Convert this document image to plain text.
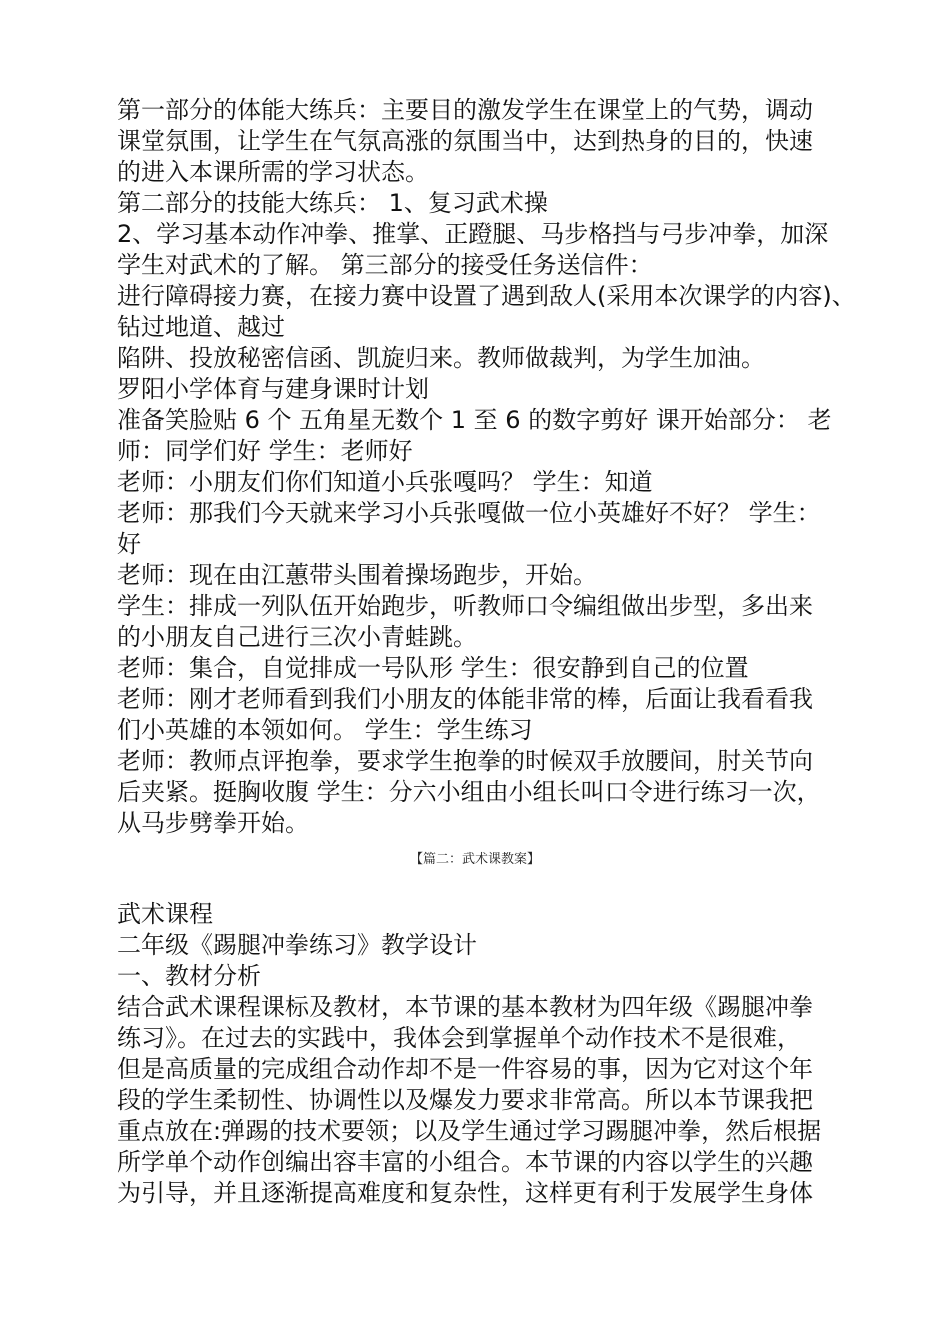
第一部分的体能大练兵：主要目的激发学生在课堂上的气势，调动
课堂氛围，让学生在气氛高涨的氛围当中，达到热身的目的，快速
的进入本课所需的学习状态。
第二部分的技能大练兵： 1、复习武术操
2、学习基本动作冲拳、推掌、正蹬腿、马步格挡与弓步冲拳，加深
学生对武术的了解。 第三部分的接受任务送信件：
进行障碍接力赛，在接力赛中设置了遇到敌人(采用本次课学的内容)、
钻过地道、越过
陷阱、投放秘密信函、凯旋归来。教师做裁判，为学生加油。
罗阳小学体育与建身课时计划
准备笑脸贴 6 个 五角星无数个 1 至 6 的数字剪好 课开始部分： 老
师：同学们好 学生：老师好
老师：小朋友们你们知道小兵张嘎吗？ 学生：知道
老师：那我们今天就来学习小兵张嘎做一位小英雄好不好？ 学生：
好
老师：现在由江蕙带头围着操场跑步，开始。
学生：排成一列队伍开始跑步，听教师口令编组做出步型，多出来
的小朋友自己进行三次小青蛙跳。
老师：集合，自觉排成一号队形 学生：很安静到自己的位置
老师：刚才老师看到我们小朋友的体能非常的棒，后面让我看看我
们小英雄的本领如何。 学生：学生练习
老师：教师点评抱拳，要求学生抱拳的时候双手放腰间，肘关节向
后夹紧。挺胸收腹 学生：分六小组由小组长叫口令进行练习一次，
从马步劈拳开始。
【篇二：武术课教案】
武术课程
二年级《踢腿冲拳练习》教学设计
一、教材分析
结合武术课程课标及教材，本节课的基本教材为四年级《踢腿冲拳
练习》。在过去的实践中，我体会到掌握单个动作技术不是很难，
但是高质量的完成组合动作却不是一件容易的事，因为它对这个年
段的学生柔韧性、协调性以及爆发力要求非常高。所以本节课我把
重点放在:弹踢的技术要领；以及学生通过学习踢腿冲拳，然后根据
所学单个动作创编出容丰富的小组合。本节课的内容以学生的兴趣
为引导，并且逐渐提高难度和复杂性，这样更有利于发展学生身体
